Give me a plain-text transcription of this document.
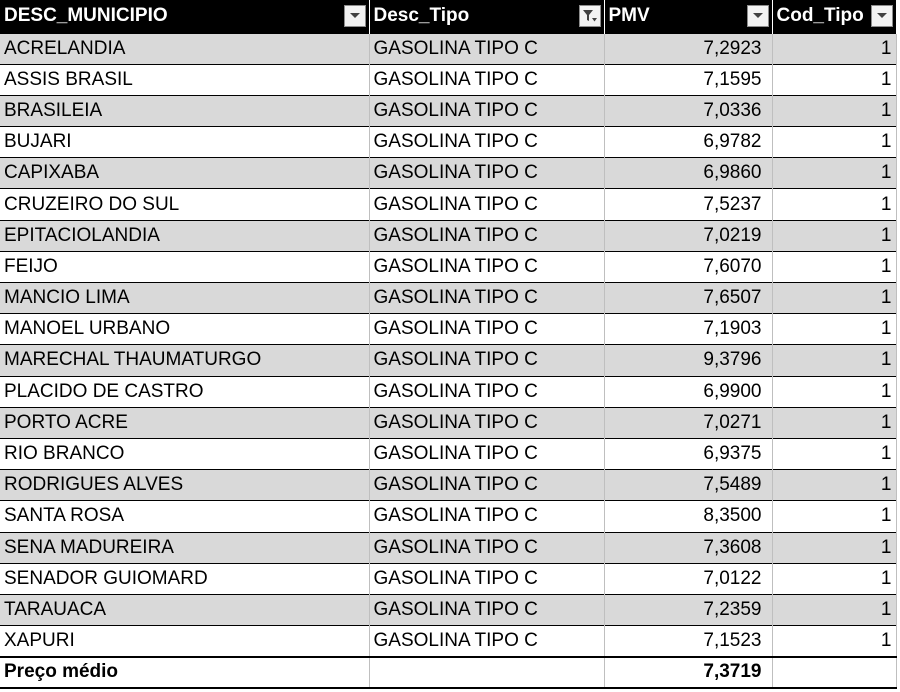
DESC_MUNICIPIO	Desc_Tipo	PMV	Cod_Tipo

ACRELANDIA	GASOLINA TIPO C	7,2923	1
ASSIS BRASIL	GASOLINA TIPO C	7,1595	1
BRASILEIA	GASOLINA TIPO C	7,0336	1
BUJARI	GASOLINA TIPO C	6,9782	1
CAPIXABA	GASOLINA TIPO C	6,9860	1
CRUZEIRO DO SUL	GASOLINA TIPO C	7,5237	1
EPITACIOLANDIA	GASOLINA TIPO C	7,0219	1
FEIJO	GASOLINA TIPO C	7,6070	1
MANCIO LIMA	GASOLINA TIPO C	7,6507	1
MANOEL URBANO	GASOLINA TIPO C	7,1903	1
MARECHAL THAUMATURGO	GASOLINA TIPO C	9,3796	1
PLACIDO DE CASTRO	GASOLINA TIPO C	6,9900	1
PORTO ACRE	GASOLINA TIPO C	7,0271	1
RIO BRANCO	GASOLINA TIPO C	6,9375	1
RODRIGUES ALVES	GASOLINA TIPO C	7,5489	1
SANTA ROSA	GASOLINA TIPO C	8,3500	1
SENA MADUREIRA	GASOLINA TIPO C	7,3608	1
SENADOR GUIOMARD	GASOLINA TIPO C	7,0122	1
TARAUACA	GASOLINA TIPO C	7,2359	1
XAPURI	GASOLINA TIPO C	7,1523	1
Preço médio		7,3719	
